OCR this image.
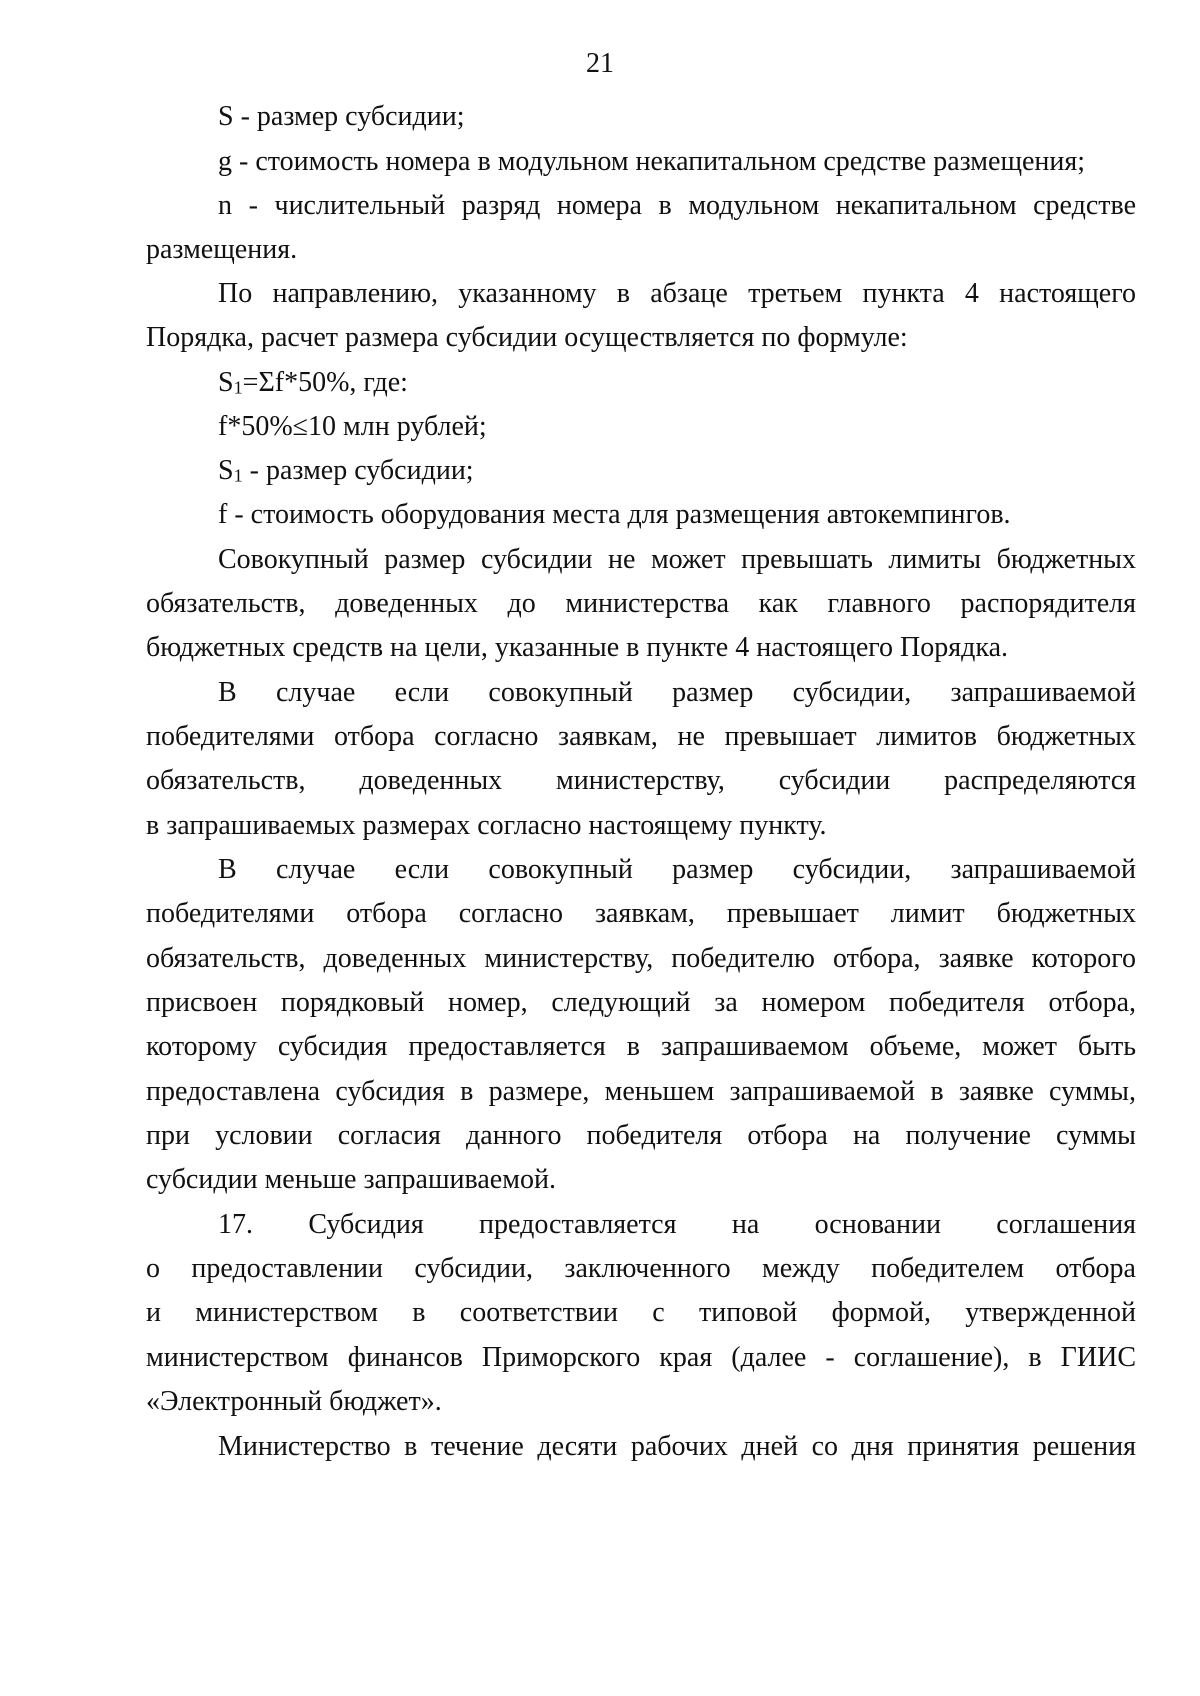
21
S - размер субсидии;
g - стоимость номера в модульном некапитальном средстве размещения;
n - числительный разряд номера в модульном некапитальном средстве
размещения.
По направлению, указанному в абзаце третьем пункта 4 настоящего
Порядка, расчет размера субсидии осуществляется по формуле:
$S_1=\Sigma f*50\%$, где:
f*50%≤10 млн рублей;
$S_1$ - размер субсидии;
f - стоимость оборудования места для размещения автокемпингов.
Совокупный размер субсидии не может превышать лимиты бюджетных
обязательств, доведенных до министерства как главного распорядителя
бюджетных средств на цели, указанные в пункте 4 настоящего Порядка.
В случае если совокупный размер субсидии, запрашиваемой
победителями отбора согласно заявкам, не превышает лимитов бюджетных
обязательств, доведенных министерству, субсидии распределяются
в запрашиваемых размерах согласно настоящему пункту.
В случае если совокупный размер субсидии, запрашиваемой
победителями отбора согласно заявкам, превышает лимит бюджетных
обязательств, доведенных министерству, победителю отбора, заявке которого
присвоен порядковый номер, следующий за номером победителя отбора,
которому субсидия предоставляется в запрашиваемом объеме, может быть
предоставлена субсидия в размере, меньшем запрашиваемой в заявке суммы,
при условии согласия данного победителя отбора на получение суммы
субсидии меньше запрашиваемой.
17. Субсидия предоставляется на основании соглашения
о предоставлении субсидии, заключенного между победителем отбора
и министерством в соответствии с типовой формой, утвержденной
министерством финансов Приморского края (далее - соглашение), в ГИИС
«Электронный бюджет».
Министерство в течение десяти рабочих дней со дня принятия решения
